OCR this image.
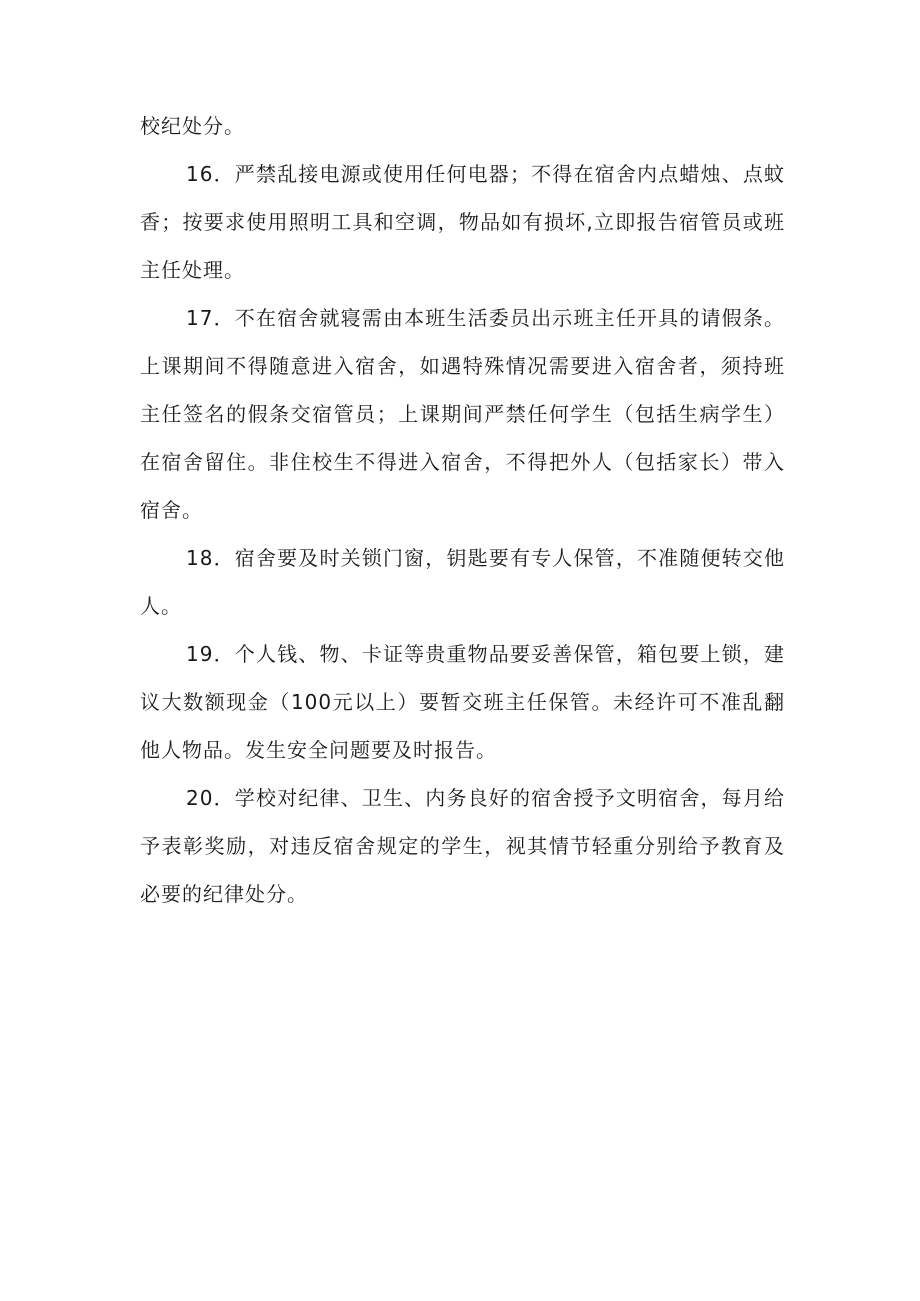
校纪处分。

16．严禁乱接电源或使用任何电器；不得在宿舍内点蜡烛、点蚊香；按要求使用照明工具和空调，物品如有损坏,立即报告宿管员或班主任处理。

17．不在宿舍就寝需由本班生活委员出示班主任开具的请假条。上课期间不得随意进入宿舍，如遇特殊情况需要进入宿舍者，须持班主任签名的假条交宿管员；上课期间严禁任何学生（包括生病学生）在宿舍留住。非住校生不得进入宿舍，不得把外人（包括家长）带入宿舍。

18．宿舍要及时关锁门窗，钥匙要有专人保管，不准随便转交他人。

19．个人钱、物、卡证等贵重物品要妥善保管，箱包要上锁，建议大数额现金（100元以上）要暂交班主任保管。未经许可不准乱翻他人物品。发生安全问题要及时报告。

20．学校对纪律、卫生、内务良好的宿舍授予文明宿舍，每月给予表彰奖励，对违反宿舍规定的学生，视其情节轻重分别给予教育及必要的纪律处分。
